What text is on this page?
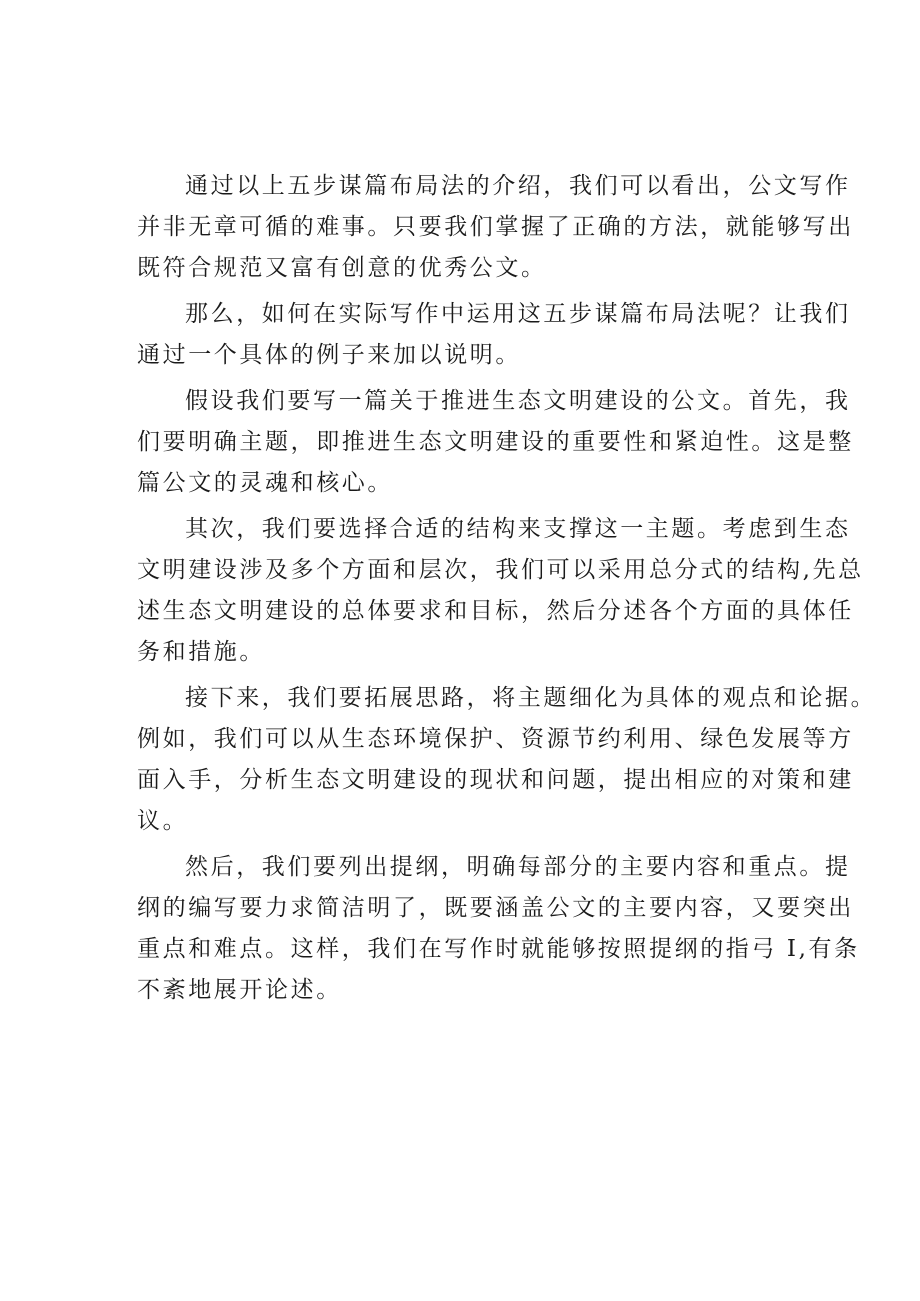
通过以上五步谋篇布局法的介绍，我们可以看出，公文写作
并非无章可循的难事。只要我们掌握了正确的方法，就能够写出
既符合规范又富有创意的优秀公文。
那么，如何在实际写作中运用这五步谋篇布局法呢？让我们
通过一个具体的例子来加以说明。
假设我们要写一篇关于推进生态文明建设的公文。首先，我
们要明确主题，即推进生态文明建设的重要性和紧迫性。这是整
篇公文的灵魂和核心。
其次，我们要选择合适的结构来支撑这一主题。考虑到生态
文明建设涉及多个方面和层次，我们可以采用总分式的结构,先总
述生态文明建设的总体要求和目标，然后分述各个方面的具体任
务和措施。
接下来，我们要拓展思路，将主题细化为具体的观点和论据。
例如，我们可以从生态环境保护、资源节约利用、绿色发展等方
面入手，分析生态文明建设的现状和问题，提出相应的对策和建
议。
然后，我们要列出提纲，明确每部分的主要内容和重点。提
纲的编写要力求简洁明了，既要涵盖公文的主要内容，又要突出
重点和难点。这样，我们在写作时就能够按照提纲的指弓 I,有条
不紊地展开论述。
